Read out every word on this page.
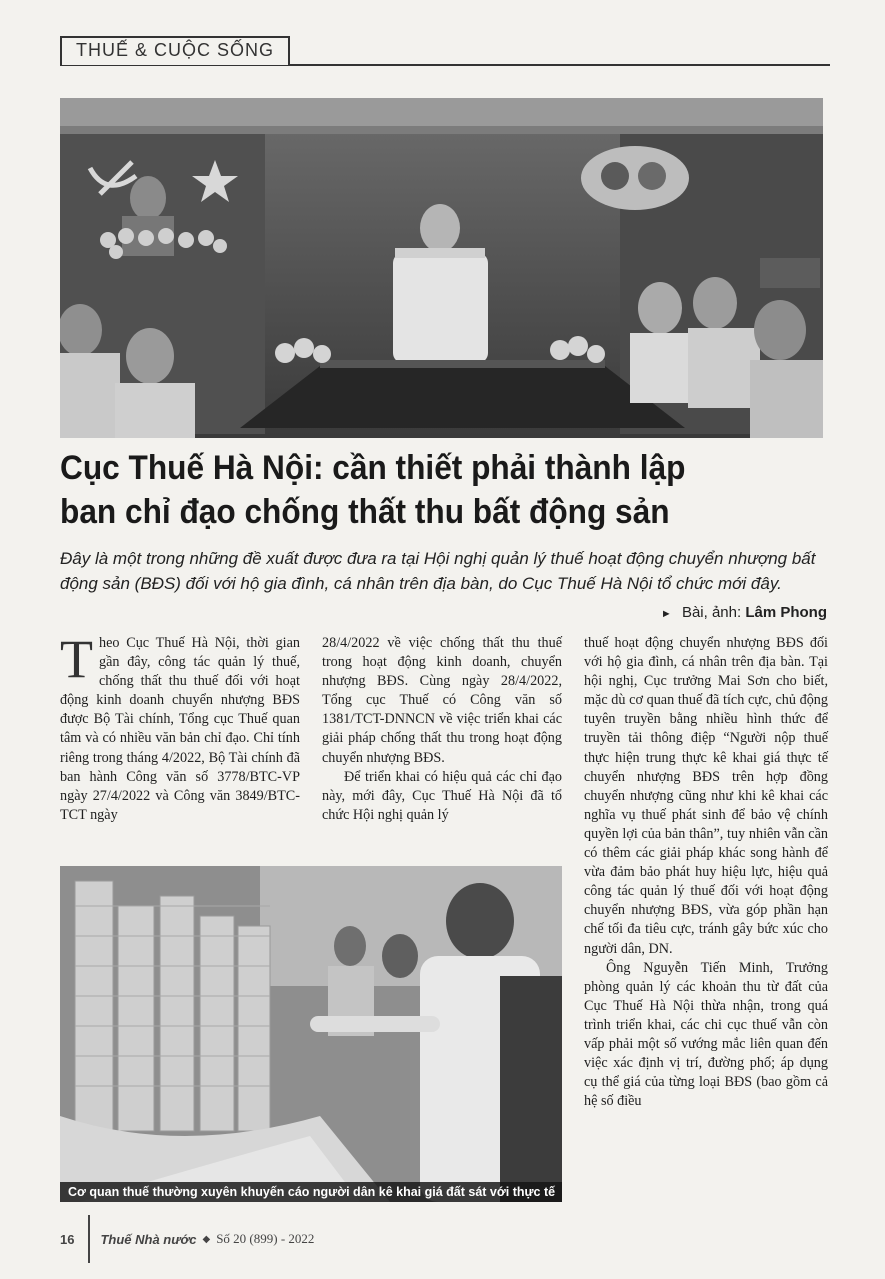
THUẾ & CUỘC SỐNG
Cục Thuế Hà Nội: cần thiết phải thành lập
ban chỉ đạo chống thất thu bất động sản

Đây là một trong những đề xuất được đưa ra tại Hội nghị quản lý thuế hoạt động chuyển nhượng bất động sản (BĐS) đối với hộ gia đình, cá nhân trên địa bàn, do Cục Thuế Hà Nội tổ chức mới đây.

► Bài, ảnh: Lâm Phong

Theo Cục Thuế Hà Nội, thời gian gần đây, công tác quản lý thuế, chống thất thu thuế đối với hoạt động kinh doanh chuyển nhượng BĐS được Bộ Tài chính, Tổng cục Thuế quan tâm và có nhiều văn bản chỉ đạo. Chỉ tính riêng trong tháng 4/2022, Bộ Tài chính đã ban hành Công văn số 3778/BTC-VP ngày 27/4/2022 và Công văn 3849/BTC-TCT ngày

28/4/2022 về việc chống thất thu thuế trong hoạt động kinh doanh, chuyển nhượng BĐS. Cùng ngày 28/4/2022, Tổng cục Thuế có Công văn số 1381/TCT-DNNCN về việc triển khai các giải pháp chống thất thu trong hoạt động chuyển nhượng BĐS.

Để triển khai có hiệu quả các chỉ đạo này, mới đây, Cục Thuế Hà Nội đã tổ chức Hội nghị quản lý

thuế hoạt động chuyển nhượng BĐS đối với hộ gia đình, cá nhân trên địa bàn. Tại hội nghị, Cục trưởng Mai Sơn cho biết, mặc dù cơ quan thuế đã tích cực, chủ động tuyên truyền bằng nhiều hình thức để truyền tải thông điệp “Người nộp thuế thực hiện trung thực kê khai giá thực tế chuyển nhượng BĐS trên hợp đồng chuyển nhượng cũng như khi kê khai các nghĩa vụ thuế phát sinh để bảo vệ chính quyền lợi của bản thân”, tuy nhiên vẫn cần có thêm các giải pháp khác song hành để vừa đảm bảo phát huy hiệu lực, hiệu quả công tác quản lý thuế đối với hoạt động chuyển nhượng BĐS, vừa góp phần hạn chế tối đa tiêu cực, tránh gây bức xúc cho người dân, DN.

Ông Nguyễn Tiến Minh, Trưởng phòng quản lý các khoản thu từ đất của Cục Thuế Hà Nội thừa nhận, trong quá trình triển khai, các chi cục thuế vẫn còn vấp phải một số vướng mắc liên quan đến việc xác định vị trí, đường phố; áp dụng cụ thể giá của từng loại BĐS (bao gồm cả hệ số điều

Cơ quan thuế thường xuyên khuyến cáo người dân kê khai giá đất sát với thực tế
16 Thuế Nhà nước ◆ Số 20 (899) - 2022
